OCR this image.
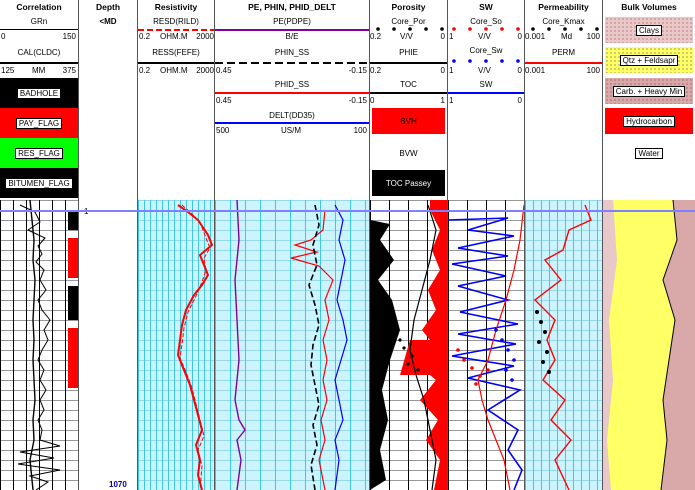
Correlation
GRn
0	150
CAL(CLDC)
125 MM 375
BADHOLE
PAY_FLAG
RES_FLAG
BITUMEN_FLAG
Depth
<MD
Resistivity
RESD(RILD)
0.2 OHM.M 2000
RESS(FEFE)
0.2 OHM.M 2000
PE, PHIN, PHID_DELT
PE(PDPE)
B/E
PHIN_SS
0.45	-0.15
PHID_SS
0.45	-0.15
DELT(DD35)
500	US/M	100
Porosity
Core_Por
0.2 V/V	0
PHIE
0.2	0
TOC
0	1
BVH
BVW
TOC Passey
SW
Core_So
1	V/V	0
Core_Sw
1	V/V	0
SW
1	0
Permeability
Core_Kmax
0.001 Md 100
PERM
0.001	100
Bulk Volumes
Clays
Qtz + Feldsapr
Carb. + Heavy Min
Hydrocarbon
Water
1070
